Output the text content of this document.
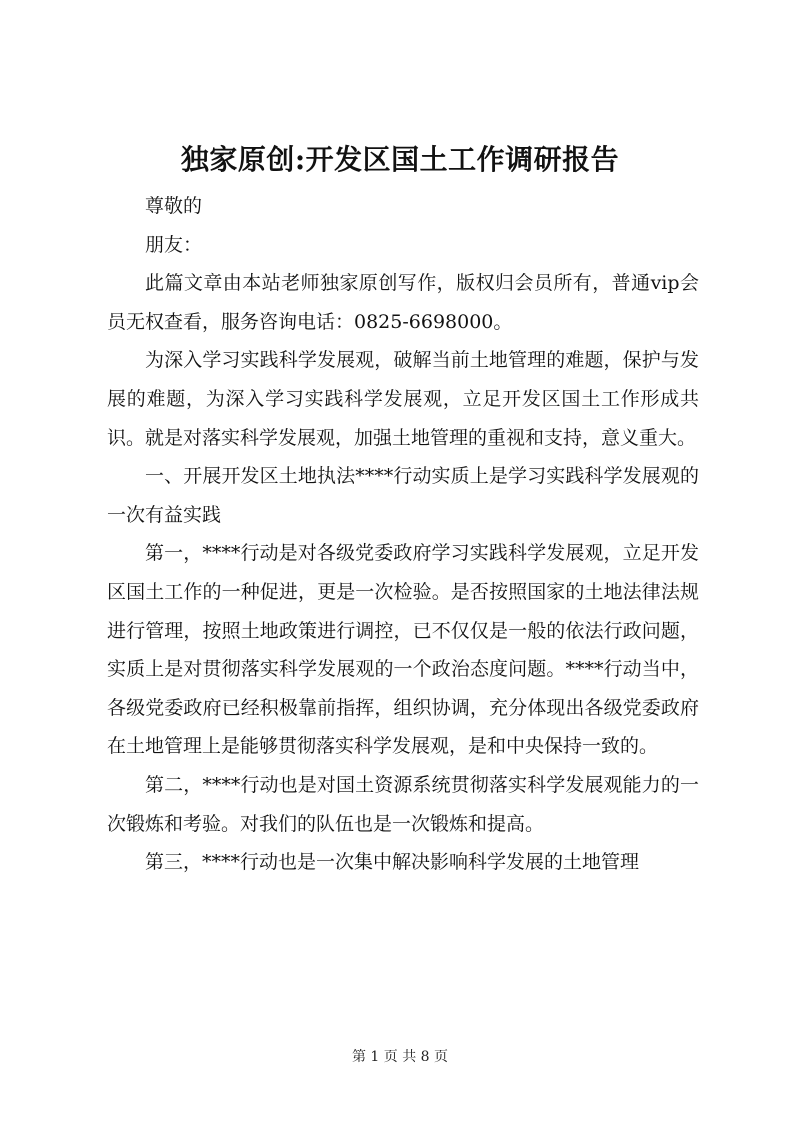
独家原创:开发区国土工作调研报告

尊敬的

朋友：

此篇文章由本站老师独家原创写作，版权归会员所有，普通vip会员无权查看，服务咨询电话：0825-6698000。

为深入学习实践科学发展观，破解当前土地管理的难题，保护与发展的难题，为深入学习实践科学发展观，立足开发区国土工作形成共识。就是对落实科学发展观，加强土地管理的重视和支持，意义重大。

一、开展开发区土地执法****行动实质上是学习实践科学发展观的一次有益实践

第一，****行动是对各级党委政府学习实践科学发展观，立足开发区国土工作的一种促进，更是一次检验。是否按照国家的土地法律法规进行管理，按照土地政策进行调控，已不仅仅是一般的依法行政问题，实质上是对贯彻落实科学发展观的一个政治态度问题。****行动当中，各级党委政府已经积极靠前指挥，组织协调，充分体现出各级党委政府在土地管理上是能够贯彻落实科学发展观，是和中央保持一致的。

第二，****行动也是对国土资源系统贯彻落实科学发展观能力的一次锻炼和考验。对我们的队伍也是一次锻炼和提高。

第三，****行动也是一次集中解决影响科学发展的土地管理

第 1 页 共 8 页
